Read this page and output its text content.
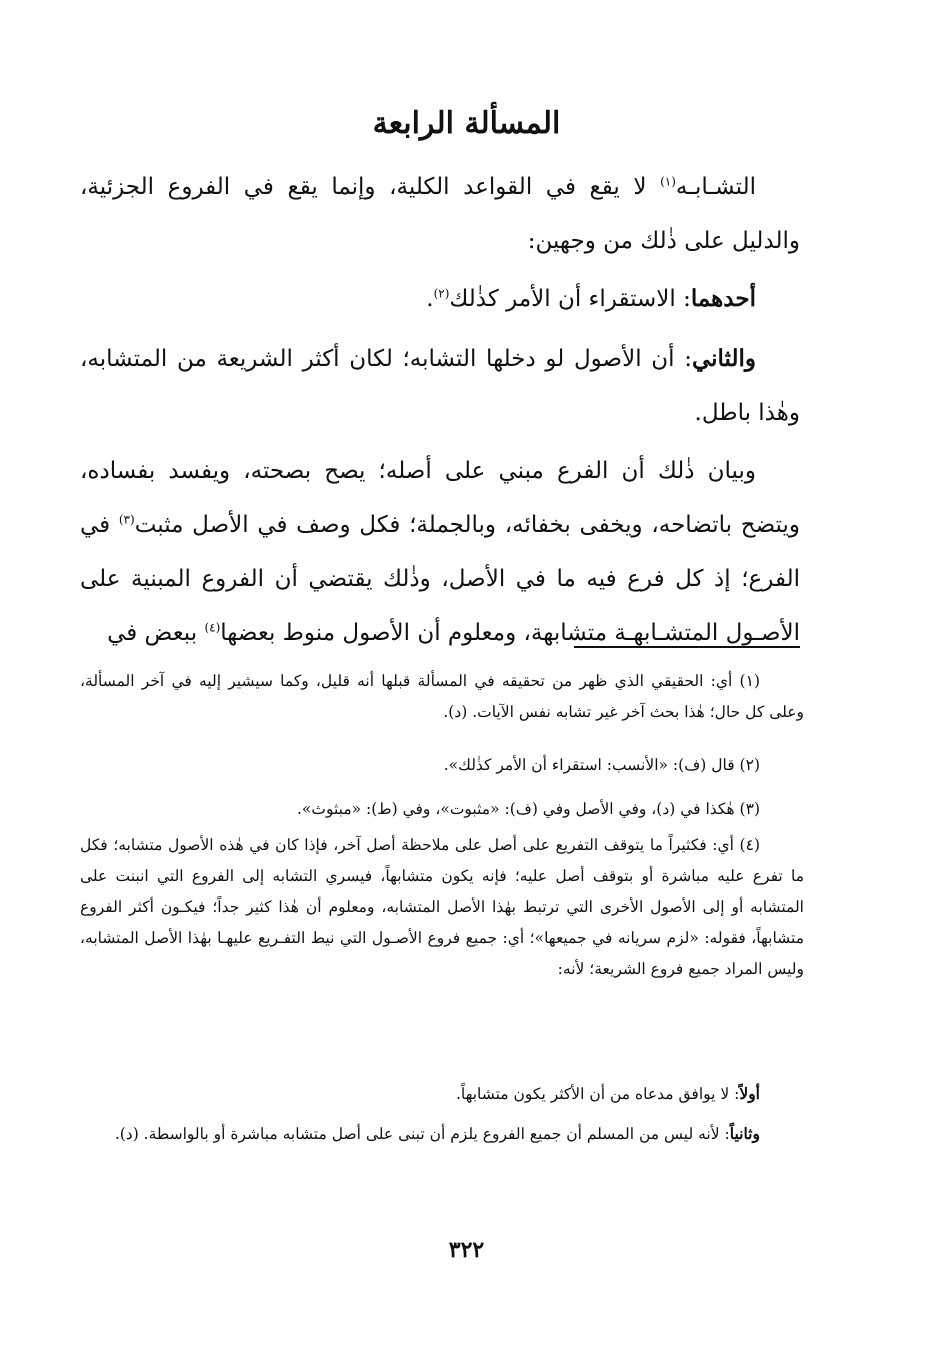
المسألة الرابعة

التشـابـه$^{(١)}$ لا يقع في القواعد الكلية، وإنما يقع في الفروع الجزئية، والدليل على ذٰلك من وجهين:

أحدهما: الاستقراء أن الأمر كذٰلك$^{(٢)}$.

والثاني: أن الأصول لو دخلها التشابه؛ لكان أكثر الشريعة من المتشابه، وهٰذا باطل.

وبيان ذٰلك أن الفرع مبني على أصله؛ يصح بصحته، ويفسد بفساده، ويتضح باتضاحه، ويخفى بخفائه، وبالجملة؛ فكل وصف في الأصل مثبت$^{(٣)}$ في الفرع؛ إذ كل فرع فيه ما في الأصل، وذٰلك يقتضي أن الفروع المبنية على الأصـول المتشـابهـة متشابهة، ومعلوم أن الأصول منوط بعضها$^{(٤)}$ ببعض في

(١) أي: الحقيقي الذي ظهر من تحقيقه في المسألة قبلها أنه قليل، وكما سيشير إليه في آخر المسألة، وعلى كل حال؛ هٰذا بحث آخر غير تشابه نفس الآيات. (د).

(٢) قال (ف): «الأنسب: استقراء أن الأمر كذٰلك».

(٣) هٰكذا في (د)، وفي الأصل وفي (ف): «مثبوت»، وفي (ط): «مبثوث».

(٤) أي: فكثيراً ما يتوقف التفريع على أصل على ملاحظة أصل آخر، فإذا كان في هٰذه الأصول متشابه؛ فكل ما تفرع عليه مباشرة أو بتوقف أصل عليه؛ فإنه يكون متشابهاً، فيسري التشابه إلى الفروع التي انبنت على المتشابه أو إلى الأصول الأخرى التي ترتبط بهٰذا الأصل المتشابه، ومعلوم أن هٰذا كثير جداً؛ فيكـون أكثر الفروع متشابهاً، فقوله: «لزم سريانه في جميعها»؛ أي: جميع فروع الأصـول التي نيط التفـريع عليهـا بهٰذا الأصل المتشابه، وليس المراد جميع فروع الشريعة؛ لأنه:

أولاً: لا يوافق مدعاه من أن الأكثر يكون متشابهاً.

وثانياً: لأنه ليس من المسلم أن جميع الفروع يلزم أن تبنى على أصل متشابه مباشرة أو بالواسطة. (د).

٣٢٢
